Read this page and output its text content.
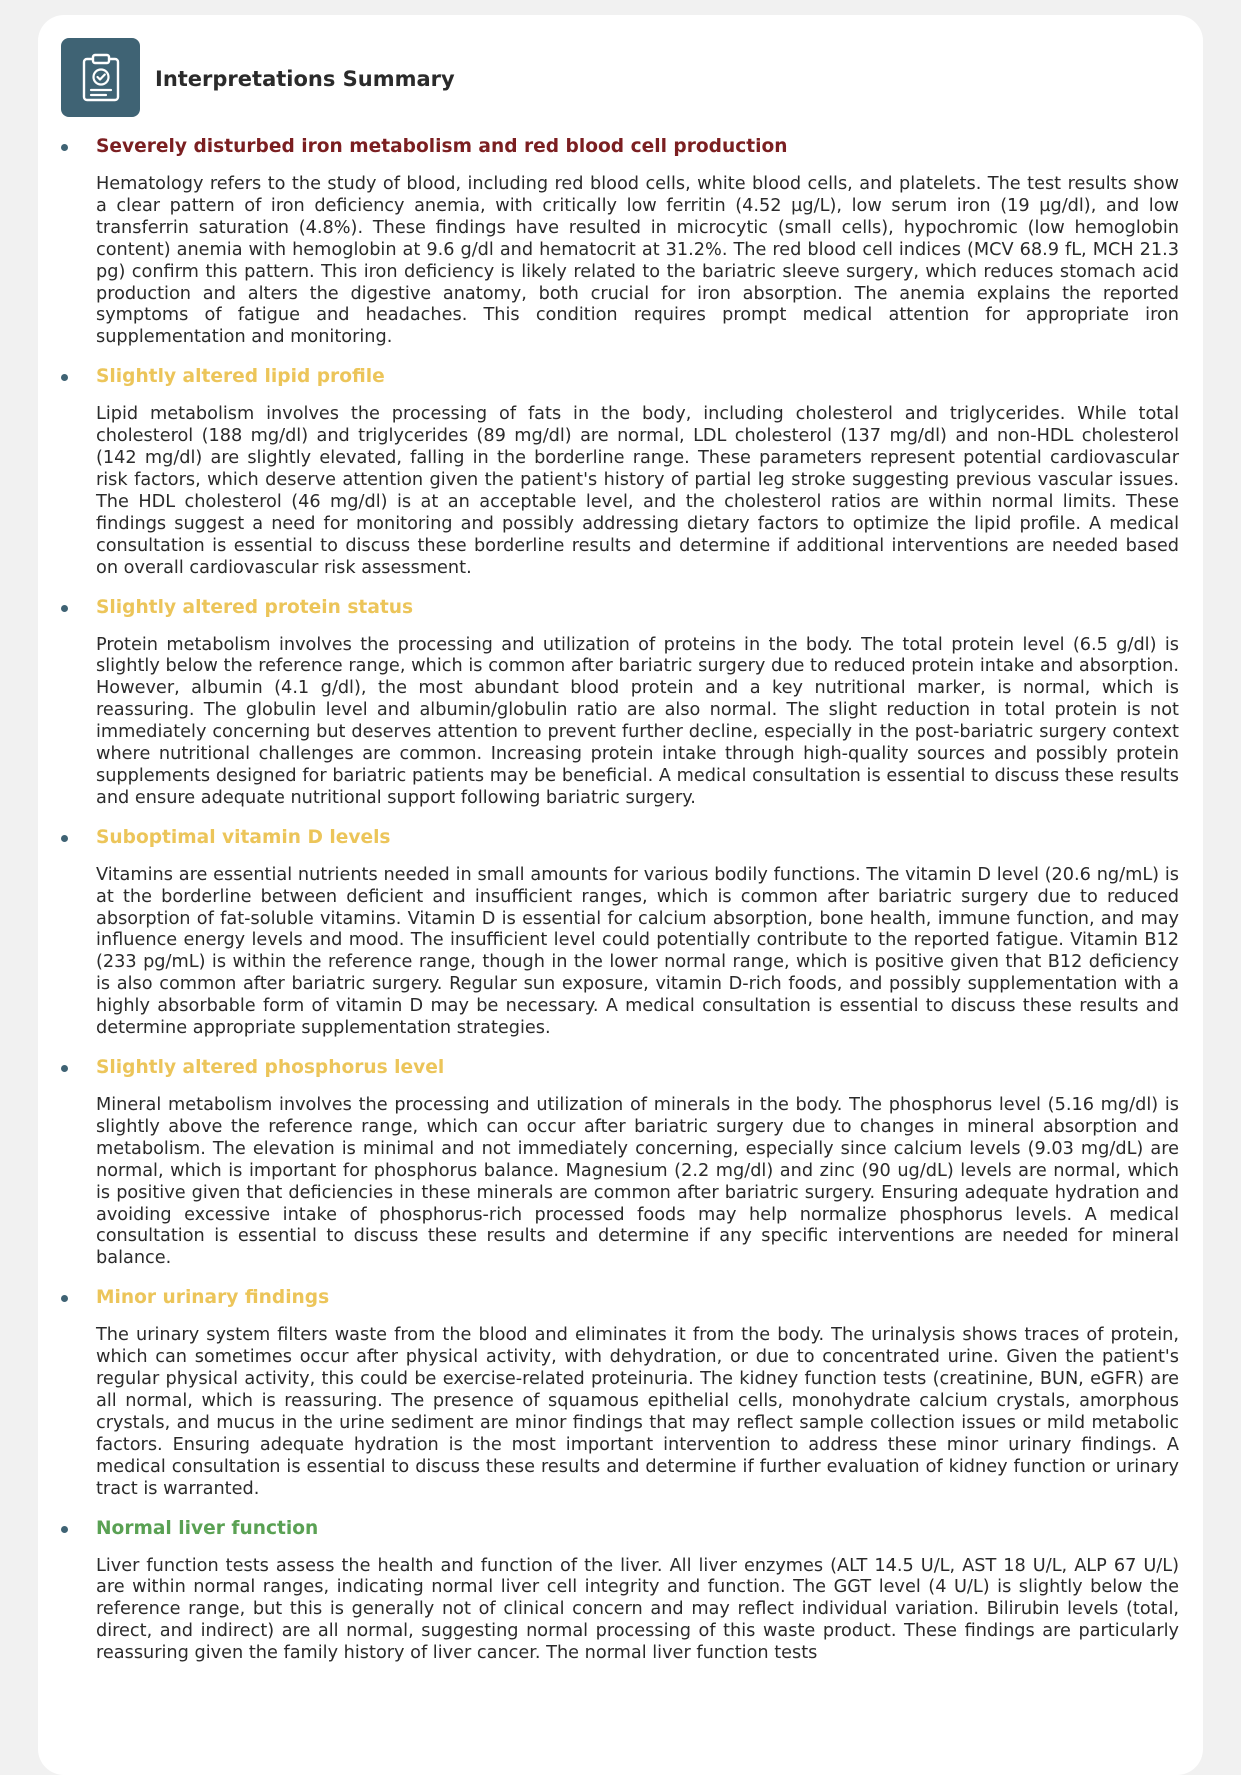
Interpretations Summary
Severely disturbed iron metabolism and red blood cell production
Hematology refers to the study of blood, including red blood cells, white blood cells, and platelets. The test results show a clear pattern of iron deficiency anemia, with critically low ferritin (4.52 µg/L), low serum iron (19 µg/dl), and low transferrin saturation (4.8%). These findings have resulted in microcytic (small cells), hypochromic (low hemoglobin content) anemia with hemoglobin at 9.6 g/dl and hematocrit at 31.2%. The red blood cell indices (MCV 68.9 fL, MCH 21.3 pg) confirm this pattern. This iron deficiency is likely related to the bariatric sleeve surgery, which reduces stomach acid production and alters the digestive anatomy, both crucial for iron absorption. The anemia explains the reported symptoms of fatigue and headaches. This condition requires prompt medical attention for appropriate iron supplementation and monitoring.
Slightly altered lipid profile
Lipid metabolism involves the processing of fats in the body, including cholesterol and triglycerides. While total cholesterol (188 mg/dl) and triglycerides (89 mg/dl) are normal, LDL cholesterol (137 mg/dl) and non-HDL cholesterol (142 mg/dl) are slightly elevated, falling in the borderline range. These parameters represent potential cardiovascular risk factors, which deserve attention given the patient's history of partial leg stroke suggesting previous vascular issues. The HDL cholesterol (46 mg/dl) is at an acceptable level, and the cholesterol ratios are within normal limits. These findings suggest a need for monitoring and possibly addressing dietary factors to optimize the lipid profile. A medical consultation is essential to discuss these borderline results and determine if additional interventions are needed based on overall cardiovascular risk assessment.
Slightly altered protein status
Protein metabolism involves the processing and utilization of proteins in the body. The total protein level (6.5 g/dl) is slightly below the reference range, which is common after bariatric surgery due to reduced protein intake and absorption. However, albumin (4.1 g/dl), the most abundant blood protein and a key nutritional marker, is normal, which is reassuring. The globulin level and albumin/globulin ratio are also normal. The slight reduction in total protein is not immediately concerning but deserves attention to prevent further decline, especially in the post-bariatric surgery context where nutritional challenges are common. Increasing protein intake through high-quality sources and possibly protein supplements designed for bariatric patients may be beneficial. A medical consultation is essential to discuss these results and ensure adequate nutritional support following bariatric surgery.
Suboptimal vitamin D levels
Vitamins are essential nutrients needed in small amounts for various bodily functions. The vitamin D level (20.6 ng/mL) is at the borderline between deficient and insufficient ranges, which is common after bariatric surgery due to reduced absorption of fat-soluble vitamins. Vitamin D is essential for calcium absorption, bone health, immune function, and may influence energy levels and mood. The insufficient level could potentially contribute to the reported fatigue. Vitamin B12 (233 pg/mL) is within the reference range, though in the lower normal range, which is positive given that B12 deficiency is also common after bariatric surgery. Regular sun exposure, vitamin D-rich foods, and possibly supplementation with a highly absorbable form of vitamin D may be necessary. A medical consultation is essential to discuss these results and determine appropriate supplementation strategies.
Slightly altered phosphorus level
Mineral metabolism involves the processing and utilization of minerals in the body. The phosphorus level (5.16 mg/dl) is slightly above the reference range, which can occur after bariatric surgery due to changes in mineral absorption and metabolism. The elevation is minimal and not immediately concerning, especially since calcium levels (9.03 mg/dL) are normal, which is important for phosphorus balance. Magnesium (2.2 mg/dl) and zinc (90 ug/dL) levels are normal, which is positive given that deficiencies in these minerals are common after bariatric surgery. Ensuring adequate hydration and avoiding excessive intake of phosphorus-rich processed foods may help normalize phosphorus levels. A medical consultation is essential to discuss these results and determine if any specific interventions are needed for mineral balance.
Minor urinary findings
The urinary system filters waste from the blood and eliminates it from the body. The urinalysis shows traces of protein, which can sometimes occur after physical activity, with dehydration, or due to concentrated urine. Given the patient's regular physical activity, this could be exercise-related proteinuria. The kidney function tests (creatinine, BUN, eGFR) are all normal, which is reassuring. The presence of squamous epithelial cells, monohydrate calcium crystals, amorphous crystals, and mucus in the urine sediment are minor findings that may reflect sample collection issues or mild metabolic factors. Ensuring adequate hydration is the most important intervention to address these minor urinary findings. A medical consultation is essential to discuss these results and determine if further evaluation of kidney function or urinary tract is warranted.
Normal liver function
Liver function tests assess the health and function of the liver. All liver enzymes (ALT 14.5 U/L, AST 18 U/L, ALP 67 U/L) are within normal ranges, indicating normal liver cell integrity and function. The GGT level (4 U/L) is slightly below the reference range, but this is generally not of clinical concern and may reflect individual variation. Bilirubin levels (total, direct, and indirect) are all normal, suggesting normal processing of this waste product. These findings are particularly reassuring given the family history of liver cancer. The normal liver function tests
